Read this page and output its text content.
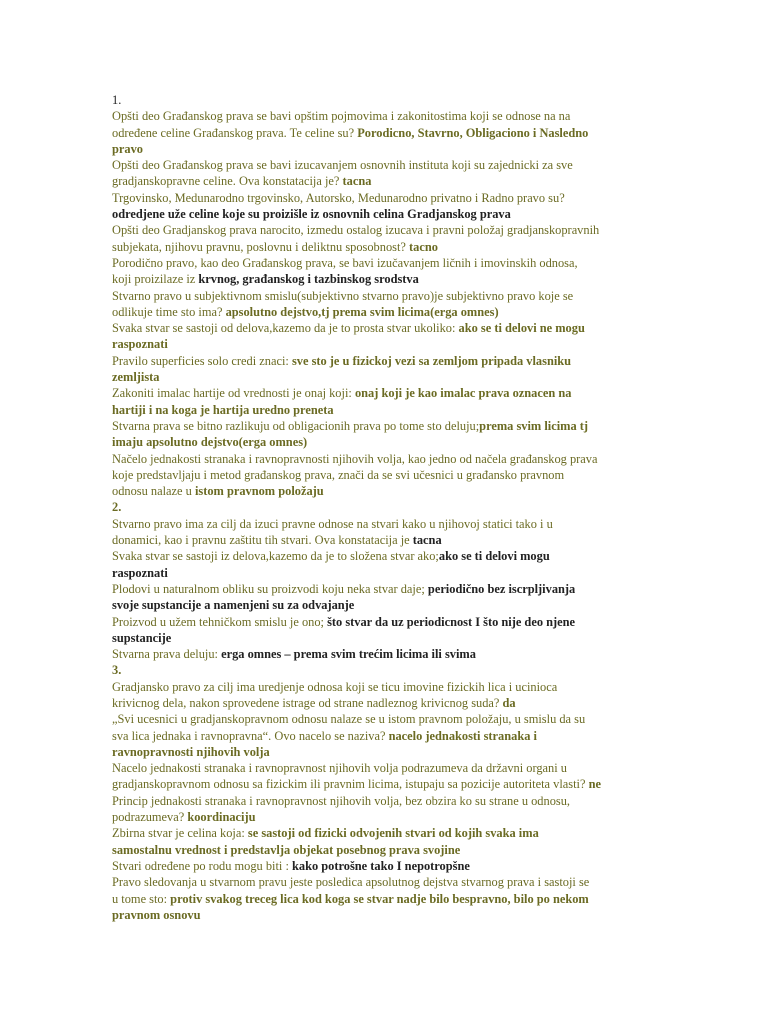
1.
Opšti deo Građanskog prava se bavi opštim pojmovima i zakonitostima koji se odnose na na
određene celine Građanskog prava. Te celine su? Porodicno, Stavrno, Obligaciono i Nasledno
pravo
Opšti deo Građanskog prava se bavi izucavanjem osnovnih instituta koji su zajednicki za sve
gradjanskopravne celine. Ova konstatacija je? tacna
Trgovinsko, Medunarodno trgovinsko, Autorsko, Medunarodno privatno i Radno pravo su?
odredjene uže celine koje su proizišle iz osnovnih celina Gradjanskog prava
Opšti deo Gradjanskog prava narocito, izmedu ostalog izucava i pravni položaj gradjanskopravnih
subjekata, njihovu pravnu, poslovnu i deliktnu sposobnost? tacno
Porodično pravo, kao deo Građanskog prava, se bavi izučavanjem ličnih i imovinskih odnosa,
koji proizilaze iz krvnog, građanskog i tazbinskog srodstva
Stvarno pravo u subjektivnom smislu(subjektivno stvarno pravo)je subjektivno pravo koje se
odlikuje time sto ima? apsolutno dejstvo,tj prema svim licima(erga omnes)
Svaka stvar se sastoji od delova,kazemo da je to prosta stvar ukoliko: ako se ti delovi ne mogu
raspoznati
Pravilo superficies solo credi znaci: sve sto je u fizickoj vezi sa zemljom pripada vlasniku
zemljista
Zakoniti imalac hartije od vrednosti je onaj koji: onaj koji je kao imalac prava oznacen na
hartiji i na koga je hartija uredno preneta
Stvarna prava se bitno razlikuju od obligacionih prava po tome sto deluju;prema svim licima tj
imaju apsolutno dejstvo(erga omnes)
Načelo jednakosti stranaka i ravnopravnosti njihovih volja, kao jedno od načela građanskog prava
koje predstavljaju i metod građanskog prava, znači da se svi učesnici u građansko pravnom
odnosu nalaze u istom pravnom položaju
2.
Stvarno pravo ima za cilj da izuci pravne odnose na stvari kako u njihovoj statici tako i u
donamici, kao i pravnu zaštitu tih stvari. Ova konstatacija je tacna
Svaka stvar se sastoji iz delova,kazemo da je to složena stvar ako;ako se ti delovi mogu
raspoznati
Plodovi u naturalnom obliku su proizvodi koju neka stvar daje; periodično bez iscrpljivanja
svoje supstancije a namenjeni su za odvajanje
Proizvod u užem tehničkom smislu je ono; što stvar da uz periodicnost I što nije deo njene
supstancije
Stvarna prava deluju: erga omnes – prema svim trećim licima ili svima
3.
Gradjansko pravo za cilj ima uredjenje odnosa koji se ticu imovine fizickih lica i ucinioca
krivicnog dela, nakon sprovedene istrage od strane nadleznog krivicnog suda? da
„Svi ucesnici u gradjanskopravnom odnosu nalaze se u istom pravnom položaju, u smislu da su
sva lica jednaka i ravnopravna“. Ovo nacelo se naziva? nacelo jednakosti stranaka i
ravnopravnosti njihovih volja
Nacelo jednakosti stranaka i ravnopravnost njihovih volja podrazumeva da državni organi u
gradjanskopravnom odnosu sa fizickim ili pravnim licima, istupaju sa pozicije autoriteta vlasti? ne
Princip jednakosti stranaka i ravnopravnost njihovih volja, bez obzira ko su strane u odnosu,
podrazumeva? koordinaciju
Zbirna stvar je celina koja: se sastoji od fizicki odvojenih stvari od kojih svaka ima
samostalnu vrednost i predstavlja objekat posebnog prava svojine
Stvari određene po rodu mogu biti : kako potrošne tako I nepotropšne
Pravo sledovanja u stvarnom pravu jeste posledica apsolutnog dejstva stvarnog prava i sastoji se
u tome sto: protiv svakog treceg lica kod koga se stvar nadje bilo bespravno, bilo po nekom
pravnom osnovu
